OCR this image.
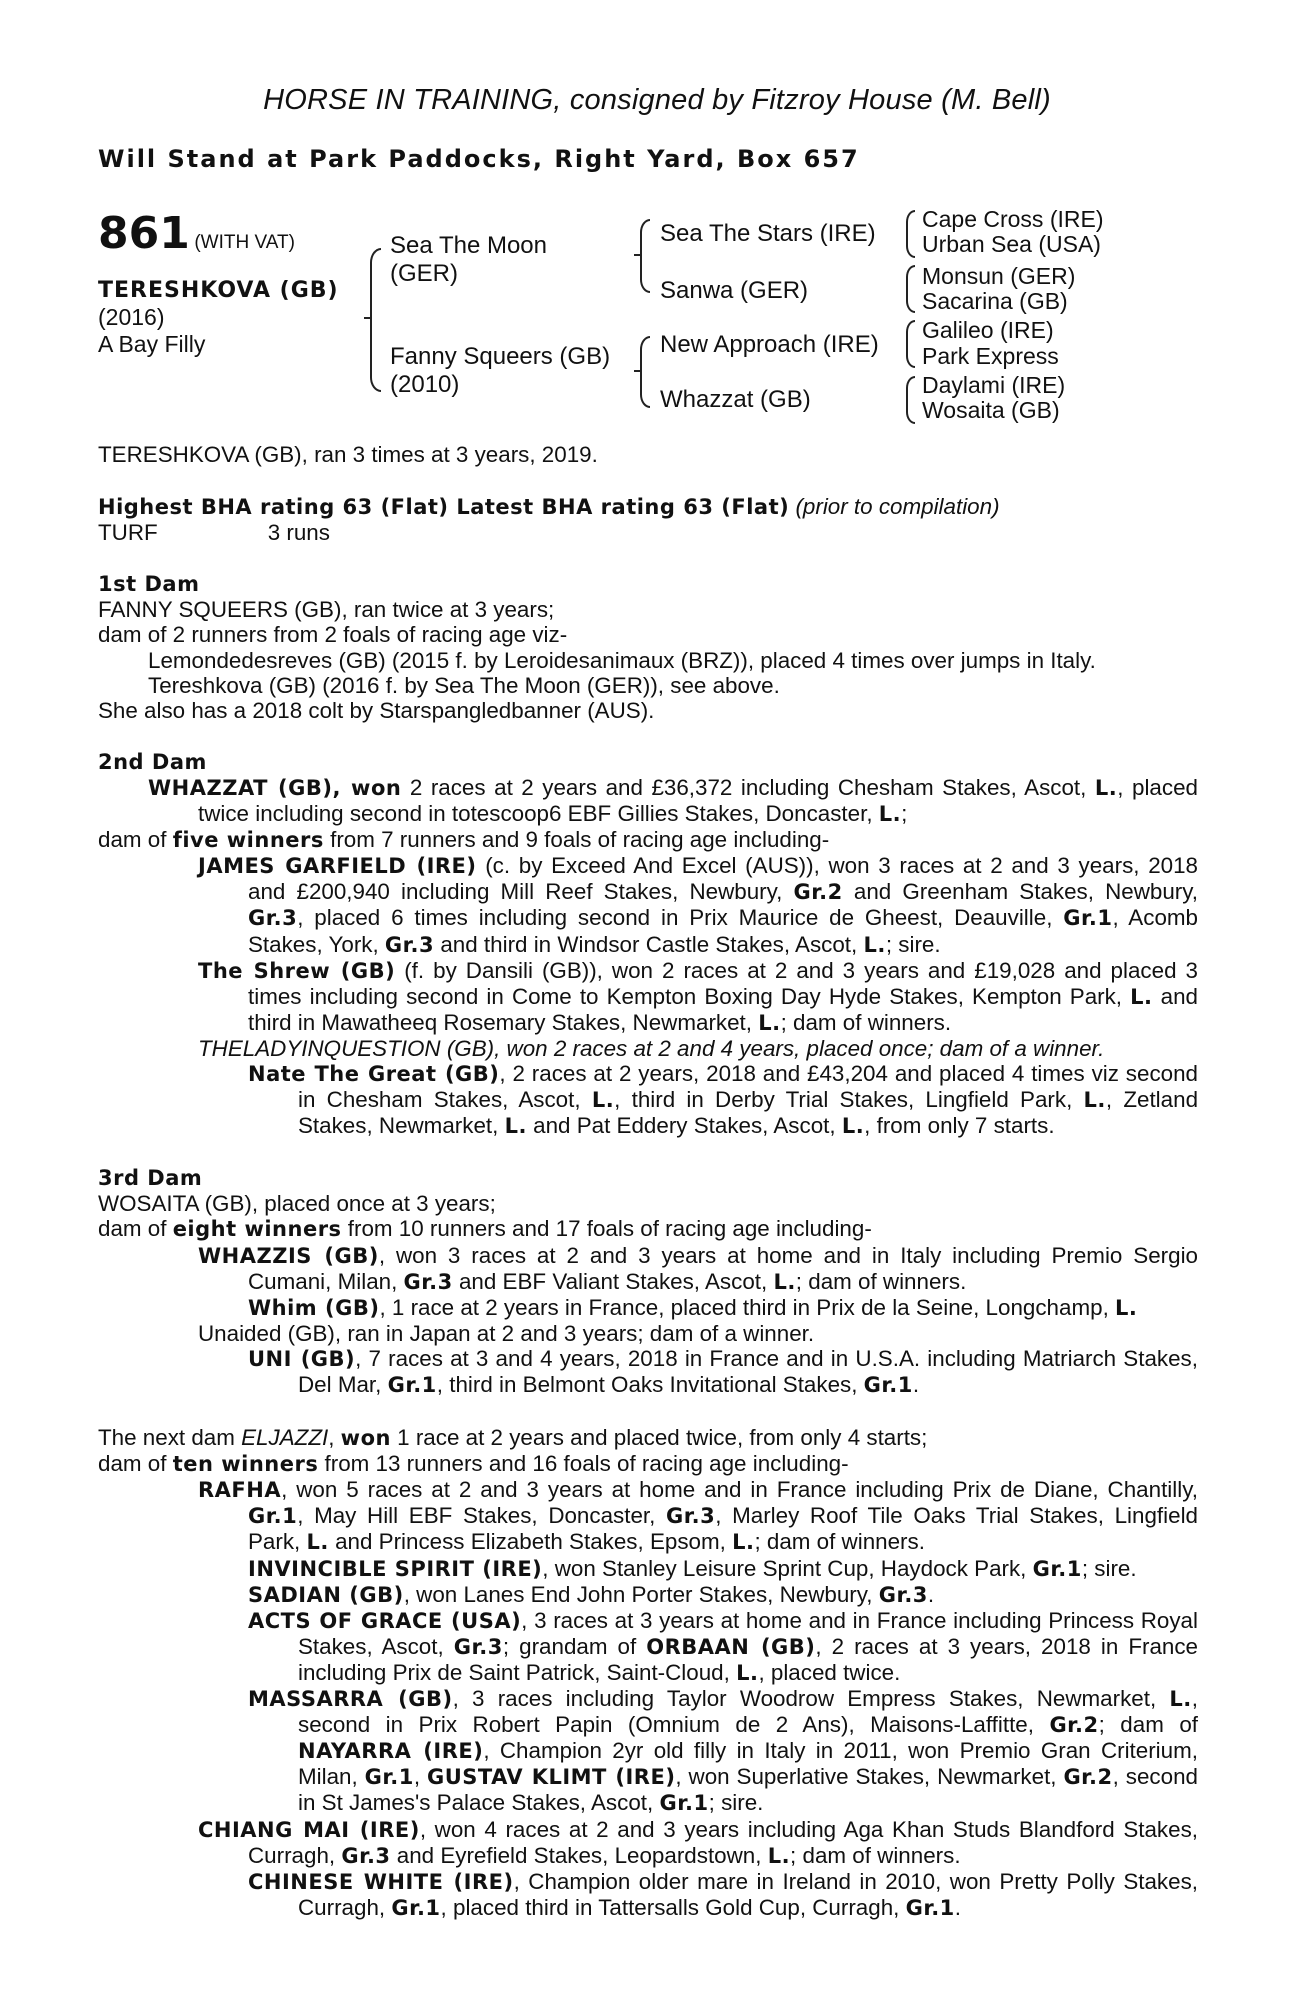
HORSE IN TRAINING, consigned by Fitzroy House (M. Bell)
Will Stand at Park Paddocks, Right Yard, Box 657
861 (WITH VAT)
TERESHKOVA (GB)
(2016)
A Bay Filly
Sea The Moon
(GER)
Fanny Squeers (GB)
(2010)
Sea The Stars (IRE)
Sanwa (GER)
New Approach (IRE)
Whazzat (GB)
Cape Cross (IRE)
Urban Sea (USA)
Monsun (GER)
Sacarina (GB)
Galileo (IRE)
Park Express
Daylami (IRE)
Wosaita (GB)

TERESHKOVA (GB), ran 3 times at 3 years, 2019.

Highest BHA rating 63 (Flat) Latest BHA rating 63 (Flat) (prior to compilation)

TURF	3 runs

1st Dam

FANNY SQUEERS (GB), ran twice at 3 years;

dam of 2 runners from 2 foals of racing age viz-

Lemondedesreves (GB) (2015 f. by Leroidesanimaux (BRZ)), placed 4 times over jumps in Italy.

Tereshkova (GB) (2016 f. by Sea The Moon (GER)), see above.

She also has a 2018 colt by Starspangledbanner (AUS).

2nd Dam

WHAZZAT (GB), won 2 races at 2 years and £36,372 including Chesham Stakes, Ascot, L., placed twice including second in totescoop6 EBF Gillies Stakes, Doncaster, L.;

dam of five winners from 7 runners and 9 foals of racing age including-

JAMES GARFIELD (IRE) (c. by Exceed And Excel (AUS)), won 3 races at 2 and 3 years, 2018 and £200,940 including Mill Reef Stakes, Newbury, Gr.2 and Greenham Stakes, Newbury, Gr.3, placed 6 times including second in Prix Maurice de Gheest, Deauville, Gr.1, Acomb Stakes, York, Gr.3 and third in Windsor Castle Stakes, Ascot, L.; sire.

The Shrew (GB) (f. by Dansili (GB)), won 2 races at 2 and 3 years and £19,028 and placed 3 times including second in Come to Kempton Boxing Day Hyde Stakes, Kempton Park, L. and third in Mawatheeq Rosemary Stakes, Newmarket, L.; dam of winners.

THELADYINQUESTION (GB), won 2 races at 2 and 4 years, placed once; dam of a winner.

Nate The Great (GB), 2 races at 2 years, 2018 and £43,204 and placed 4 times viz second in Chesham Stakes, Ascot, L., third in Derby Trial Stakes, Lingfield Park, L., Zetland Stakes, Newmarket, L. and Pat Eddery Stakes, Ascot, L., from only 7 starts.

3rd Dam

WOSAITA (GB), placed once at 3 years;

dam of eight winners from 10 runners and 17 foals of racing age including-

WHAZZIS (GB), won 3 races at 2 and 3 years at home and in Italy including Premio Sergio Cumani, Milan, Gr.3 and EBF Valiant Stakes, Ascot, L.; dam of winners.

Whim (GB), 1 race at 2 years in France, placed third in Prix de la Seine, Longchamp, L.

Unaided (GB), ran in Japan at 2 and 3 years; dam of a winner.

UNI (GB), 7 races at 3 and 4 years, 2018 in France and in U.S.A. including Matriarch Stakes, Del Mar, Gr.1, third in Belmont Oaks Invitational Stakes, Gr.1.

The next dam ELJAZZI, won 1 race at 2 years and placed twice, from only 4 starts;

dam of ten winners from 13 runners and 16 foals of racing age including-

RAFHA, won 5 races at 2 and 3 years at home and in France including Prix de Diane, Chantilly, Gr.1, May Hill EBF Stakes, Doncaster, Gr.3, Marley Roof Tile Oaks Trial Stakes, Lingfield Park, L. and Princess Elizabeth Stakes, Epsom, L.; dam of winners.

INVINCIBLE SPIRIT (IRE), won Stanley Leisure Sprint Cup, Haydock Park, Gr.1; sire.

SADIAN (GB), won Lanes End John Porter Stakes, Newbury, Gr.3.

ACTS OF GRACE (USA), 3 races at 3 years at home and in France including Princess Royal Stakes, Ascot, Gr.3; grandam of ORBAAN (GB), 2 races at 3 years, 2018 in France including Prix de Saint Patrick, Saint-Cloud, L., placed twice.

MASSARRA (GB), 3 races including Taylor Woodrow Empress Stakes, Newmarket, L., second in Prix Robert Papin (Omnium de 2 Ans), Maisons-Laffitte, Gr.2; dam of NAYARRA (IRE), Champion 2yr old filly in Italy in 2011, won Premio Gran Criterium, Milan, Gr.1, GUSTAV KLIMT (IRE), won Superlative Stakes, Newmarket, Gr.2, second in St James's Palace Stakes, Ascot, Gr.1; sire.

CHIANG MAI (IRE), won 4 races at 2 and 3 years including Aga Khan Studs Blandford Stakes, Curragh, Gr.3 and Eyrefield Stakes, Leopardstown, L.; dam of winners.

CHINESE WHITE (IRE), Champion older mare in Ireland in 2010, won Pretty Polly Stakes, Curragh, Gr.1, placed third in Tattersalls Gold Cup, Curragh, Gr.1.
